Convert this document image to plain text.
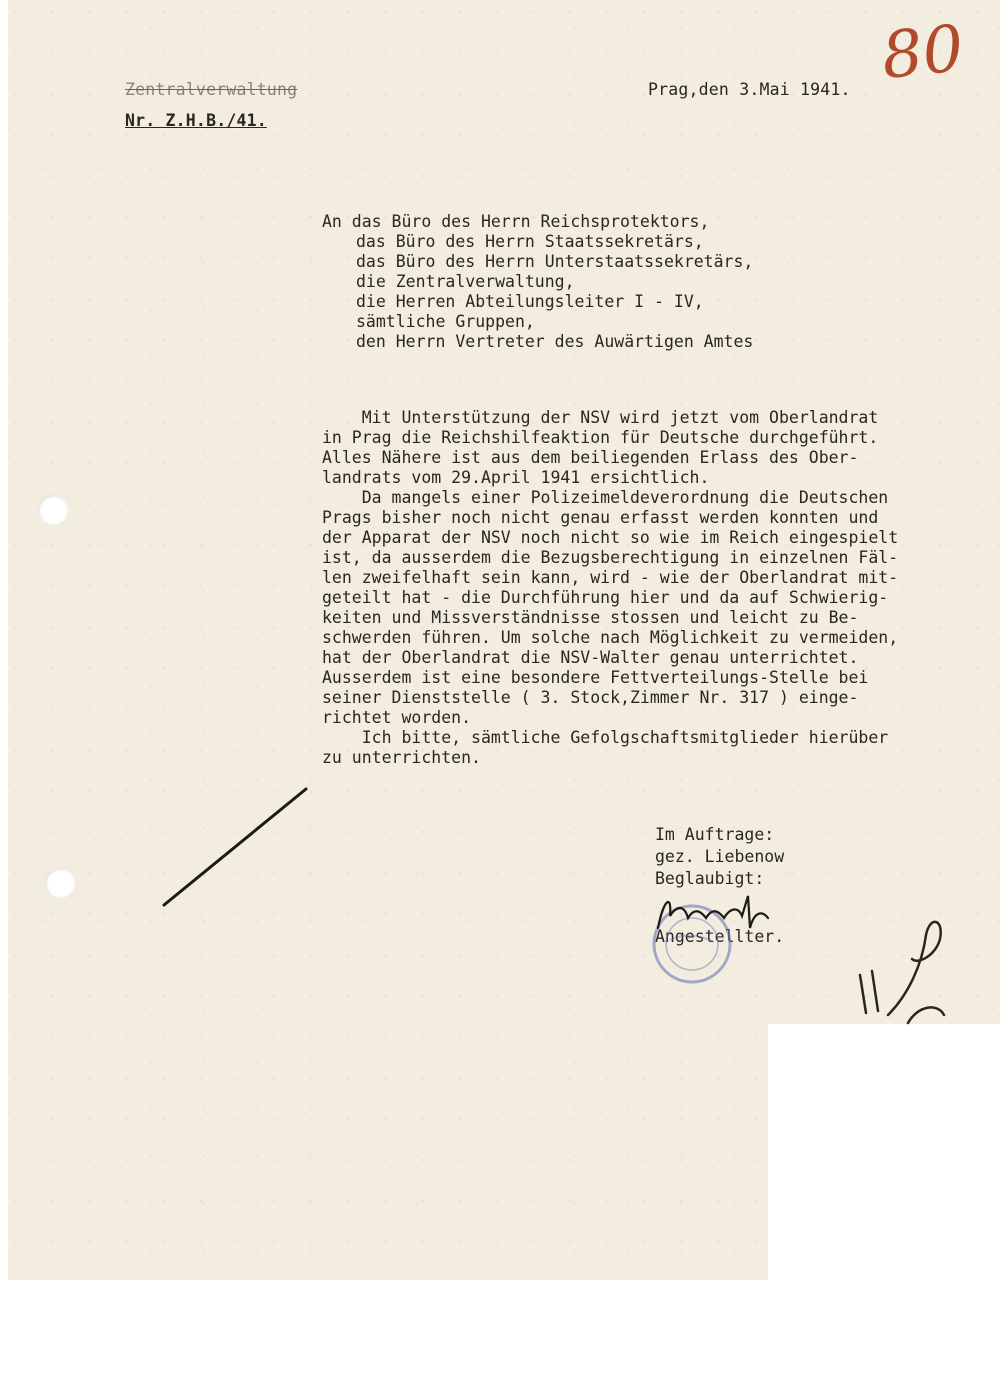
Zentralverwaltung
Nr. Z.H.B./41.
Prag,den 3.Mai 1941. 80
An das Büro des Herrn Reichsprotektors,
das Büro des Herrn Staatssekretärs,
das Büro des Herrn Unterstaatssekretärs,
die Zentralverwaltung,
die Herren Abteilungsleiter I - IV,
sämtliche Gruppen,
den Herrn Vertreter des Auwärtigen Amtes
Mit Unterstützung der NSV wird jetzt vom Oberlandrat
in Prag die Reichshilfeaktion für Deutsche durchgeführt.
Alles Nähere ist aus dem beiliegenden Erlass des Ober-
landrats vom 29.April 1941 ersichtlich.
Da mangels einer Polizeimeldeverordnung die Deutschen
Prags bisher noch nicht genau erfasst werden konnten und
der Apparat der NSV noch nicht so wie im Reich eingespielt
ist, da ausserdem die Bezugsberechtigung in einzelnen Fäl-
len zweifelhaft sein kann, wird - wie der Oberlandrat mit-
geteilt hat - die Durchführung hier und da auf Schwierig-
keiten und Missverständnisse stossen und leicht zu Be-
schwerden führen. Um solche nach Möglichkeit zu vermeiden,
hat der Oberlandrat die NSV-Walter genau unterrichtet.
Ausserdem ist eine besondere Fettverteilungs-Stelle bei
seiner Dienststelle ( 3. Stock,Zimmer Nr. 317 ) einge-
richtet worden.
Ich bitte, sämtliche Gefolgschaftsmitglieder hierüber
zu unterrichten.
Im Auftrage:
gez. Liebenow
Beglaubigt:
Angestellter.
